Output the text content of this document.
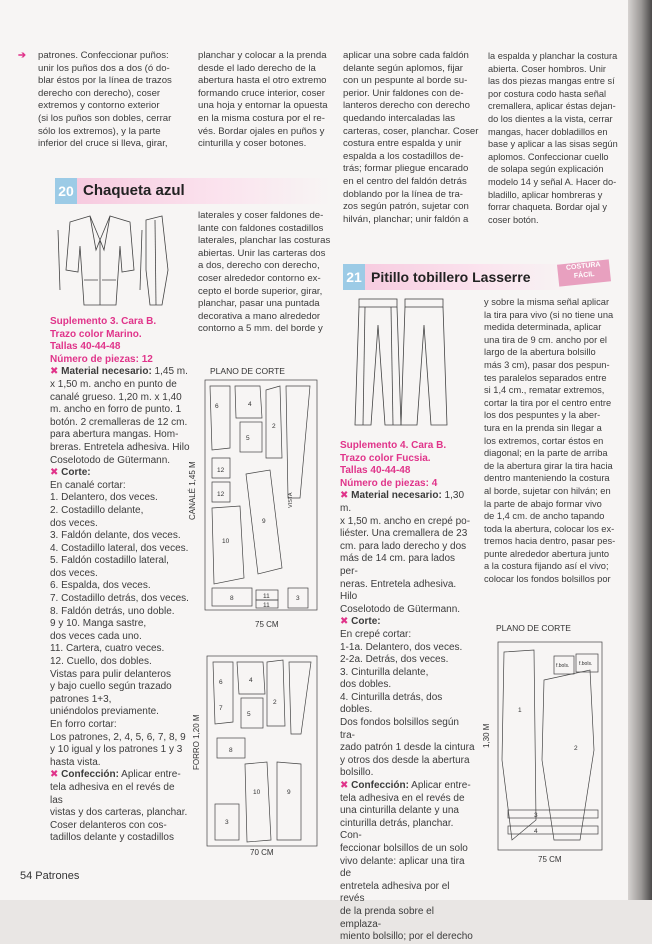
➔ patrones. Confeccionar puños:

unir los puños dos a dos (ó do-

blar éstos por la línea de trazos

derecho con derecho), coser

extremos y contorno exterior

(si los puños son dobles, cerrar

sólo los extremos), y la parte

inferior del cruce si lleva, girar,

planchar y colocar a la prenda

desde el lado derecho de la

abertura hasta el otro extremo

formando cruce interior, coser

una hoja y entornar la opuesta

en la misma costura por el re-

vés. Bordar ojales en puños y

cinturilla y coser botones.

aplicar una sobre cada faldón

delante según aplomos, fijar

con un pespunte al borde su-

perior. Unir faldones con de-

lanteros derecho con derecho

quedando intercaladas las

carteras, coser, planchar. Coser

costura entre espalda y unir

espalda a los costadillos de-

trás; formar pliegue encarado

en el centro del faldón detrás

doblando por la línea de tra-

zos según patrón, sujetar con

hilván, planchar; unir faldón a

la espalda y planchar la costura

abierta. Coser hombros. Unir

las dos piezas mangas entre sí

por costura codo hasta señal

cremallera, aplicar éstas dejan-

do los dientes a la vista, cerrar

mangas, hacer dobladillos en

base y aplicar a las sisas según

aplomos. Confeccionar cuello

de solapa según explicación

modelo 14 y señal A. Hacer do-

bladillo, aplicar hombreras y

forrar chaqueta. Bordar ojal y

coser botón.

20 Chaqueta azul

Suplemento 3. Cara B.

Trazo color Marino.

Tallas 40-44-48

Número de piezas: 12

✖ Material necesario: 1,45 m.

x 1,50 m. ancho en punto de

canalé grueso. 1,20 m. x 1,40

m. ancho en forro de punto. 1

botón. 2 cremalleras de 12 cm.

para abertura mangas. Hom-

breras. Entretela adhesiva. Hilo

Coselotodo de Gütermann.

✖ Corte:

En canalé cortar:

1. Delantero, dos veces.

2. Costadillo delante,

dos veces.

3. Faldón delante, dos veces.

4. Costadillo lateral, dos veces.

5. Faldón costadillo lateral,

dos veces.

6. Espalda, dos veces.

7. Costadillo detrás, dos veces.

8. Faldón detrás, uno doble.

9 y 10. Manga sastre,

dos veces cada uno.

11. Cartera, cuatro veces.

12. Cuello, dos dobles.

Vistas para pulir delanteros

y bajo cuello según trazado patrones 1+3,

uniéndolos previamente.

En forro cortar:

Los patrones, 2, 4, 5, 6, 7, 8, 9

y 10 igual y los patrones 1 y 3

hasta vista.

✖ Confección: Aplicar entre-

tela adhesiva en el revés de las

vistas y dos carteras, planchar.

Coser delanteros con cos-

tadillos delante y costadillos

laterales y coser faldones de-

lante con faldones costadillos

laterales, planchar las costuras

abiertas. Unir las carteras dos

a dos, derecho con derecho,

coser alrededor contorno ex-

cepto el borde superior, girar,

planchar, pasar una puntada

decorativa a mano alrededor

contorno a 5 mm. del borde y

PLANO DE CORTE
6	4
5
2
12
12
10
9
8	11
11
3
VISTA
CANALÉ 1,45 M
75 CM
6	4
5
2
7
8
10	9
3
FORRO 1,20 M
70 CM
21 Pitillo tobillero Lasserre
COSTURA FÁCIL

Suplemento 4. Cara B.

Trazo color Fucsia.

Tallas 40-44-48

Número de piezas: 4

✖ Material necesario: 1,30 m.

x 1,50 m. ancho en crepé po-

liéster. Una cremallera de 23

cm. para lado derecho y dos

más de 14 cm. para lados per-

neras. Entretela adhesiva. Hilo

Coselotodo de Gütermann.

✖ Corte:

En crepé cortar:

1-1a. Delantero, dos veces.

2-2a. Detrás, dos veces.

3. Cinturilla delante,

dos dobles.

4. Cinturilla detrás, dos dobles.

Dos fondos bolsillos según tra-

zado patrón 1 desde la cintura

y otros dos desde la abertura

bolsillo.

✖ Confección: Aplicar entre-

tela adhesiva en el revés de

una cinturilla delante y una

cinturilla detrás, planchar. Con-

feccionar bolsillos de un solo

vivo delante: aplicar una tira de

entretela adhesiva por el revés

de la prenda sobre el emplaza-

miento bolsillo; por el derecho

y sobre la misma señal aplicar

la tira para vivo (si no tiene una

medida determinada, aplicar

una tira de 9 cm. ancho por el

largo de la abertura bolsillo

más 3 cm), pasar dos pespun-

tes paralelos separados entre

si 1,4 cm., rematar extremos,

cortar la tira por el centro entre

los dos pespuntes y la aber-

tura en la prenda sin llegar a

los extremos, cortar éstos en

diagonal; en la parte de arriba

de la abertura girar la tira hacia

dentro manteniendo la costura

al borde, sujetar con hilván; en

la parte de abajo formar vivo

de 1,4 cm. de ancho tapando

toda la abertura, colocar los ex-

tremos hacia dentro, pasar pes-

punte alrededor abertura junto

a la costura fijando así el vivo;

colocar los fondos bolsillos por

PLANO DE CORTE
1
2
3
4
f.bols. f.bols.
1,30 M
75 CM
54 Patrones
